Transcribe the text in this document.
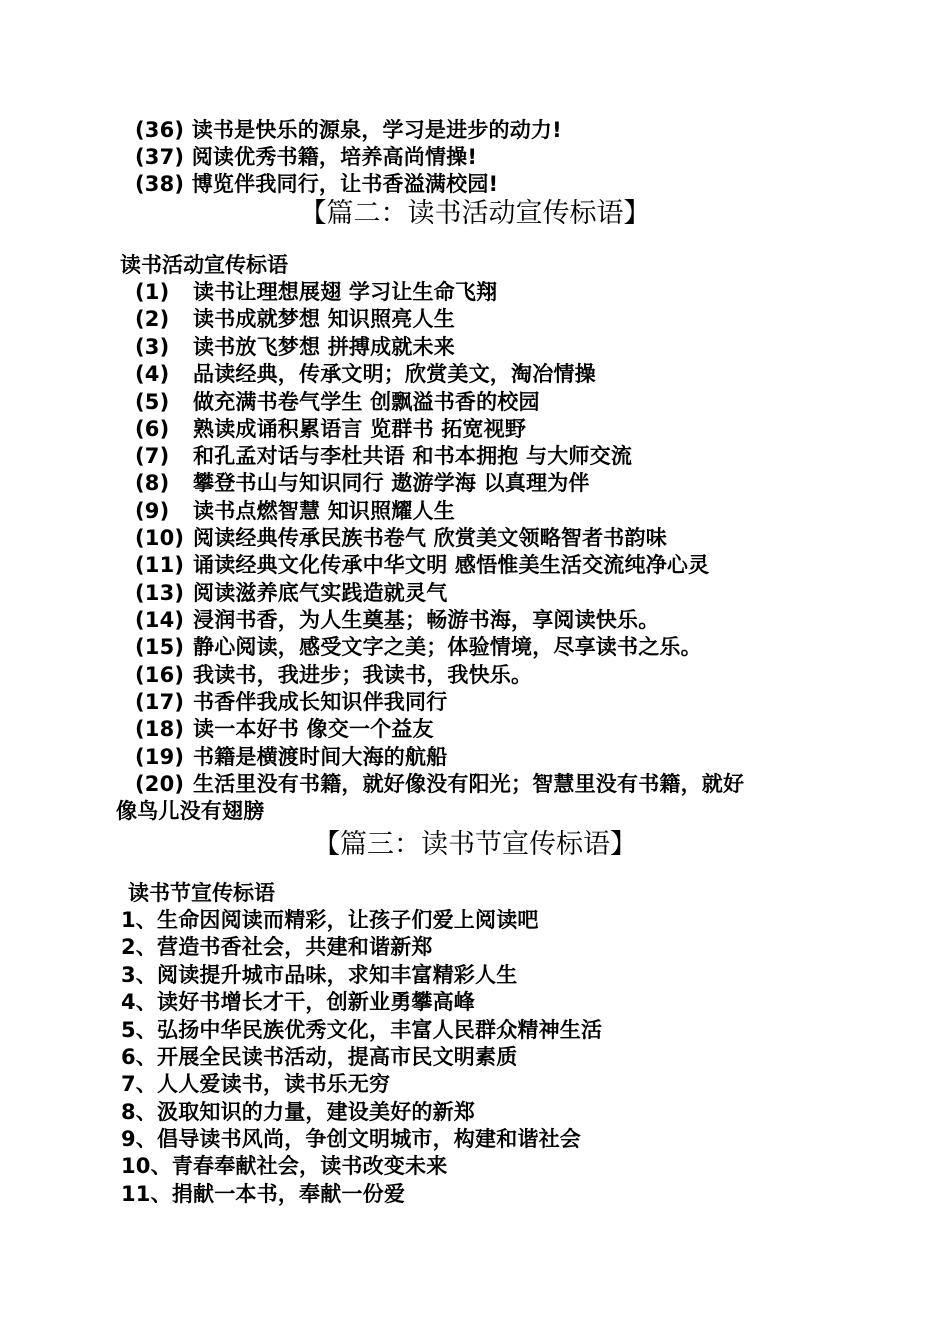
(36) 读书是快乐的源泉，学习是进步的动力!
(37) 阅读优秀书籍，培养高尚情操!
(38) 博览伴我同行，让书香溢满校园!
【篇二：读书活动宣传标语】
读书活动宣传标语
(1) 读书让理想展翅 学习让生命飞翔
(2) 读书成就梦想 知识照亮人生
(3) 读书放飞梦想 拼搏成就未来
(4) 品读经典，传承文明；欣赏美文，淘冶情操
(5) 做充满书卷气学生 创飘溢书香的校园
(6) 熟读成诵积累语言 览群书 拓宽视野
(7) 和孔孟对话与李杜共语 和书本拥抱 与大师交流
(8) 攀登书山与知识同行 遨游学海 以真理为伴
(9) 读书点燃智慧 知识照耀人生
(10) 阅读经典传承民族书卷气 欣赏美文领略智者书韵味
(11) 诵读经典文化传承中华文明 感悟惟美生活交流纯净心灵
(13) 阅读滋养底气实践造就灵气
(14) 浸润书香，为人生奠基；畅游书海，享阅读快乐。
(15) 静心阅读，感受文字之美；体验情境，尽享读书之乐。
(16) 我读书，我进步；我读书，我快乐。
(17) 书香伴我成长知识伴我同行
(18) 读一本好书 像交一个益友
(19) 书籍是横渡时间大海的航船
(20) 生活里没有书籍，就好像没有阳光；智慧里没有书籍，就好
像鸟儿没有翅膀
【篇三：读书节宣传标语】
读书节宣传标语
1、生命因阅读而精彩，让孩子们爱上阅读吧
2、营造书香社会，共建和谐新郑
3、阅读提升城市品味，求知丰富精彩人生
4、读好书增长才干，创新业勇攀高峰
5、弘扬中华民族优秀文化，丰富人民群众精神生活
6、开展全民读书活动，提高市民文明素质
7、人人爱读书，读书乐无穷
8、汲取知识的力量，建设美好的新郑
9、倡导读书风尚，争创文明城市，构建和谐社会
10、青春奉献社会，读书改变未来
11、捐献一本书，奉献一份爱
